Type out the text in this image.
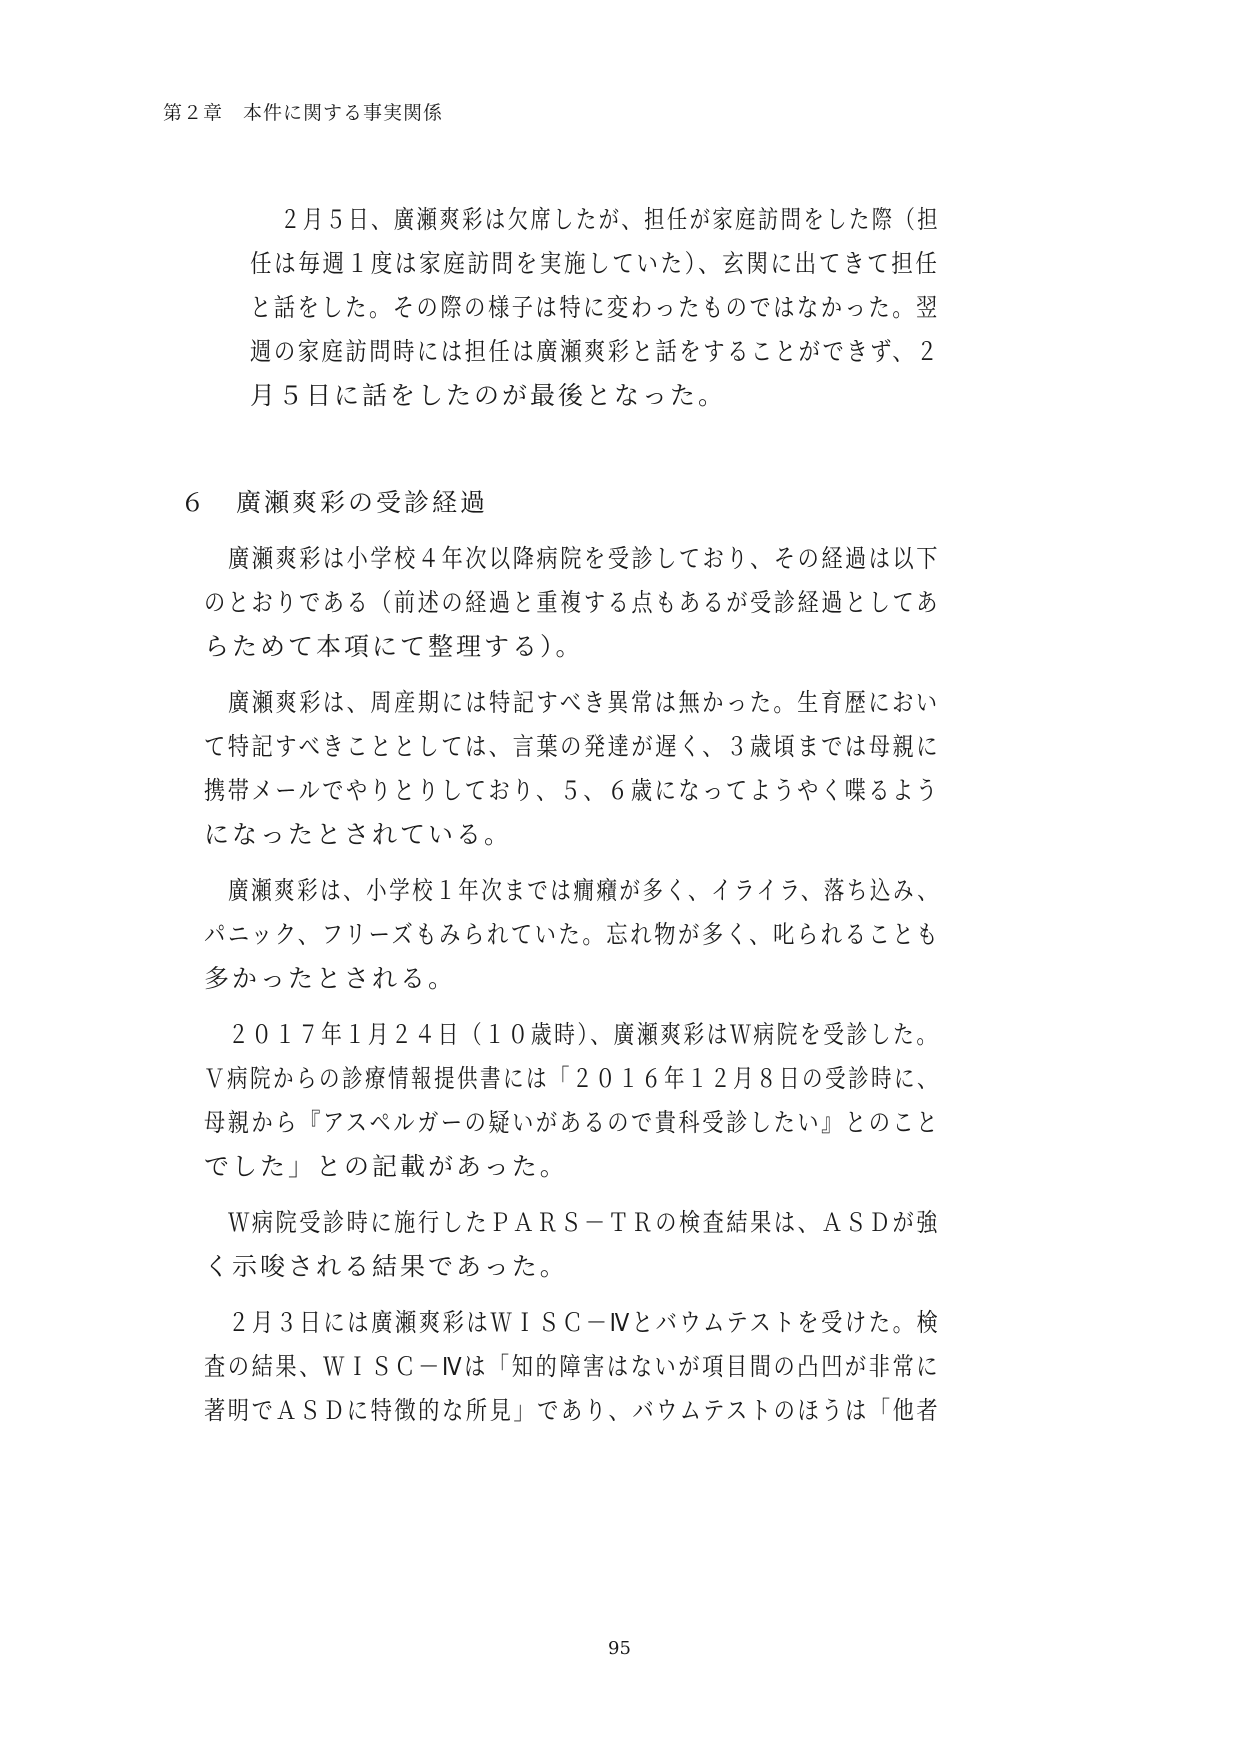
第２章　本件に関する事実関係
２月５日、廣瀬爽彩は欠席したが、担任が家庭訪問をした際（担
任は毎週１度は家庭訪問を実施していた）、玄関に出てきて担任
と話をした。その際の様子は特に変わったものではなかった。翌
週の家庭訪問時には担任は廣瀬爽彩と話をすることができず、２
月５日に話をしたのが最後となった。
６　廣瀬爽彩の受診経過
廣瀬爽彩は小学校４年次以降病院を受診しており、その経過は以下
のとおりである（前述の経過と重複する点もあるが受診経過としてあ
らためて本項にて整理する）。
廣瀬爽彩は、周産期には特記すべき異常は無かった。生育歴におい
て特記すべきこととしては、言葉の発達が遅く、３歳頃までは母親に
携帯メールでやりとりしており、５、６歳になってようやく喋るよう
になったとされている。
廣瀬爽彩は、小学校１年次までは癇癪が多く、イライラ、落ち込み、
パニック、フリーズもみられていた。忘れ物が多く、叱られることも
多かったとされる。
２０１７年１月２４日（１０歳時）、廣瀬爽彩はＷ病院を受診した。
Ｖ病院からの診療情報提供書には「２０１６年１２月８日の受診時に、
母親から『アスペルガーの疑いがあるので貴科受診したい』とのこと
でした」との記載があった。
Ｗ病院受診時に施行したＰＡＲＳ－ＴＲの検査結果は、ＡＳＤが強
く示唆される結果であった。
２月３日には廣瀬爽彩はＷＩＳＣ－Ⅳとバウムテストを受けた。検
査の結果、ＷＩＳＣ－Ⅳは「知的障害はないが項目間の凸凹が非常に
著明でＡＳＤに特徴的な所見」であり、バウムテストのほうは「他者
95
